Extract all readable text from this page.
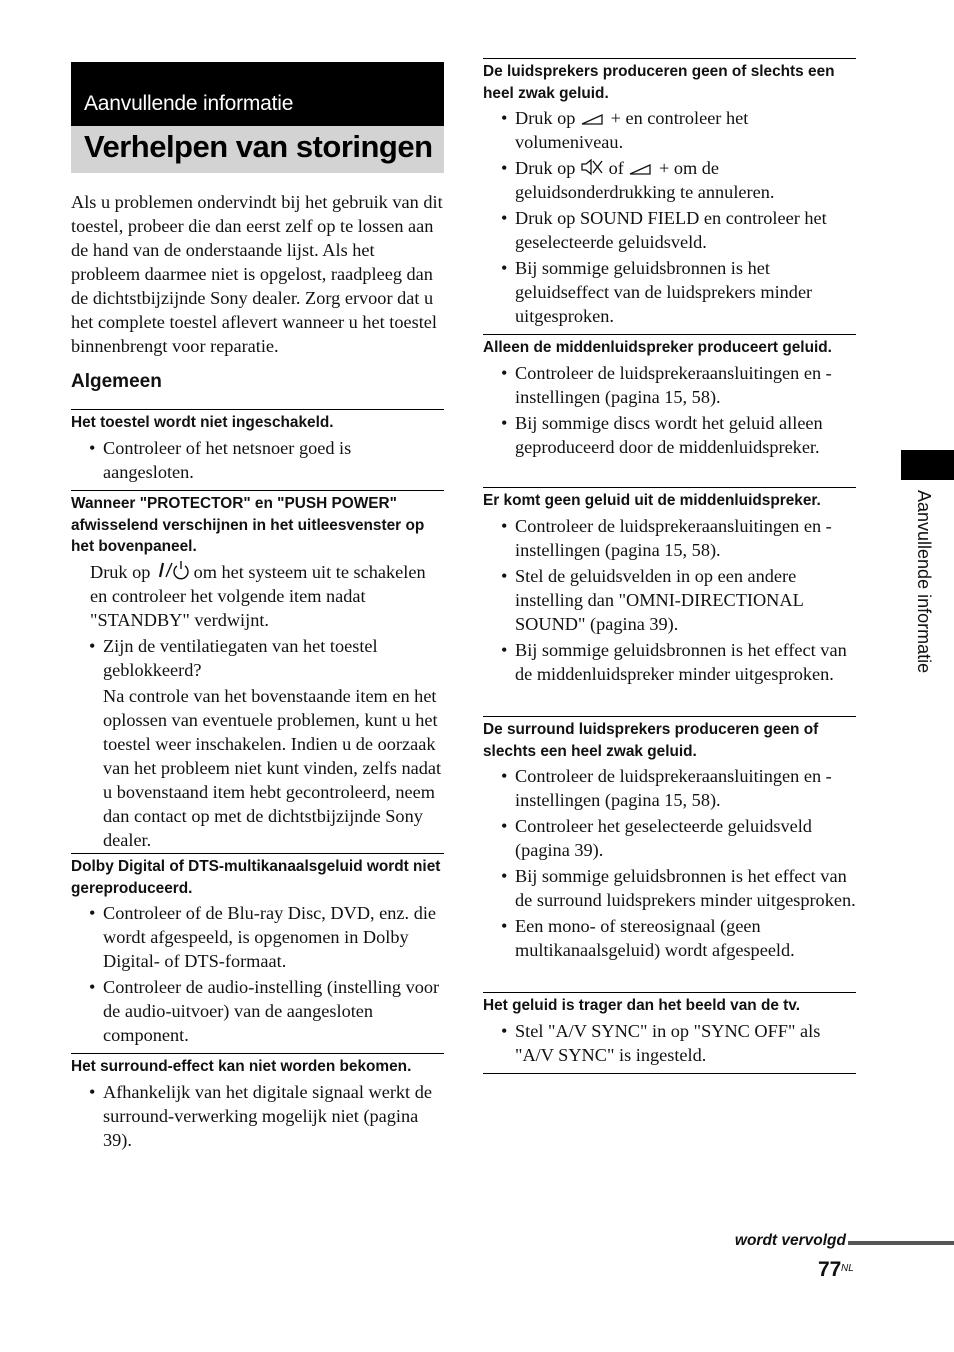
Aanvullende informatie
Verhelpen van storingen

Als u problemen ondervindt bij het gebruik van dit toestel, probeer die dan eerst zelf op te lossen aan de hand van de onderstaande lijst. Als het probleem daarmee niet is opgelost, raadpleeg dan de dichtstbijzijnde Sony dealer. Zorg ervoor dat u het complete toestel aflevert wanneer u het toestel binnenbrengt voor reparatie.

Algemeen

Het toestel wordt niet ingeschakeld.

• Controleer of het netsnoer goed is aangesloten.

Wanneer "PROTECTOR" en "PUSH POWER" afwisselend verschijnen in het uitleesvenster op het bovenpaneel.

Druk op om het systeem uit te schakelen en controleer het volgende item nadat "STANDBY" verdwijnt.

• Zijn de ventilatiegaten van het toestel geblokkeerd?

Na controle van het bovenstaande item en het oplossen van eventuele problemen, kunt u het toestel weer inschakelen. Indien u de oorzaak van het probleem niet kunt vinden, zelfs nadat u bovenstaand item hebt gecontroleerd, neem dan contact op met de dichtstbijzijnde Sony dealer.

Dolby Digital of DTS-multikanaalsgeluid wordt niet gereproduceerd.

• Controleer of de Blu-ray Disc, DVD, enz. die wordt afgespeeld, is opgenomen in Dolby Digital- of DTS-formaat.
• Controleer de audio-instelling (instelling voor de audio-uitvoer) van de aangesloten component.

Het surround-effect kan niet worden bekomen.

• Afhankelijk van het digitale signaal werkt de surround-verwerking mogelijk niet (pagina 39).

De luidsprekers produceren geen of slechts een heel zwak geluid.

• Druk op + en controleer het volumeniveau.
• Druk op of + om de geluidsonderdrukking te annuleren.
• Druk op SOUND FIELD en controleer het geselecteerde geluidsveld.
• Bij sommige geluidsbronnen is het geluidseffect van de luidsprekers minder uitgesproken.

Alleen de middenluidspreker produceert geluid.

• Controleer de luidsprekeraansluitingen en -instellingen (pagina 15, 58).
• Bij sommige discs wordt het geluid alleen geproduceerd door de middenluidspreker.

Er komt geen geluid uit de middenluidspreker.

• Controleer de luidsprekeraansluitingen en -instellingen (pagina 15, 58).
• Stel de geluidsvelden in op een andere instelling dan "OMNI-DIRECTIONAL SOUND" (pagina 39).
• Bij sommige geluidsbronnen is het effect van de middenluidspreker minder uitgesproken.

De surround luidsprekers produceren geen of slechts een heel zwak geluid.

• Controleer de luidsprekeraansluitingen en -instellingen (pagina 15, 58).
• Controleer het geselecteerde geluidsveld (pagina 39).
• Bij sommige geluidsbronnen is het effect van de surround luidsprekers minder uitgesproken.
• Een mono- of stereosignaal (geen multikanaalsgeluid) wordt afgespeeld.

Het geluid is trager dan het beeld van de tv.

• Stel "A/V SYNC" in op "SYNC OFF" als "A/V SYNC" is ingesteld.
Aanvullende informatie
wordt vervolgd
77 NL
